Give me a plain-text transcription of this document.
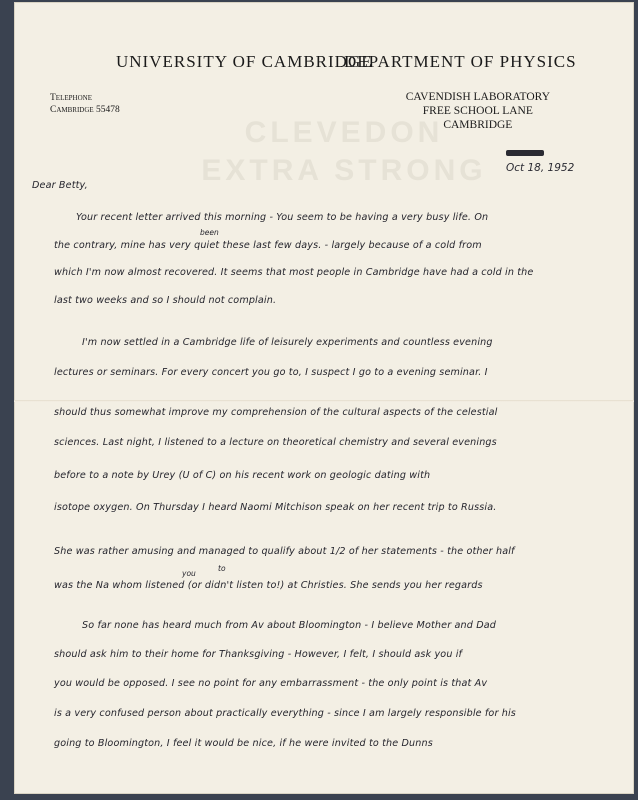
UNIVERSITY OF CAMBRIDGE
DEPARTMENT OF PHYSICS
Telephone
Cambridge 55478
CAVENDISH LABORATORY
FREE SCHOOL LANE
CAMBRIDGE
CLEVEDON
EXTRA STRONG	Oct 18, 1952
Dear Betty,
Your recent letter arrived this morning - You seem to be having a very busy life. On
been
the contrary, mine has very quiet these last few days. - largely because of a cold from
which I'm now almost recovered. It seems that most people in Cambridge have had a cold in the
last two weeks and so I should not complain.
I'm now settled in a Cambridge life of leisurely experiments and countless evening
lectures or seminars. For every concert you go to, I suspect I go to a evening seminar. I
should thus somewhat improve my comprehension of the cultural aspects of the celestial
sciences. Last night, I listened to a lecture on theoretical chemistry and several evenings
before to a note by Urey (U of C) on his recent work on geologic dating with
isotope oxygen. On Thursday I heard Naomi Mitchison speak on her recent trip to Russia.
She was rather amusing and managed to qualify about 1/2 of her statements - the other half
to
you
was the Na whom listened (or didn't listen to!) at Christies. She sends you her regards
So far none has heard much from Av about Bloomington - I believe Mother and Dad
should ask him to their home for Thanksgiving - However, I felt, I should ask you if
you would be opposed. I see no point for any embarrassment - the only point is that Av
is a very confused person about practically everything - since I am largely responsible for his
going to Bloomington, I feel it would be nice, if he were invited to the Dunns
